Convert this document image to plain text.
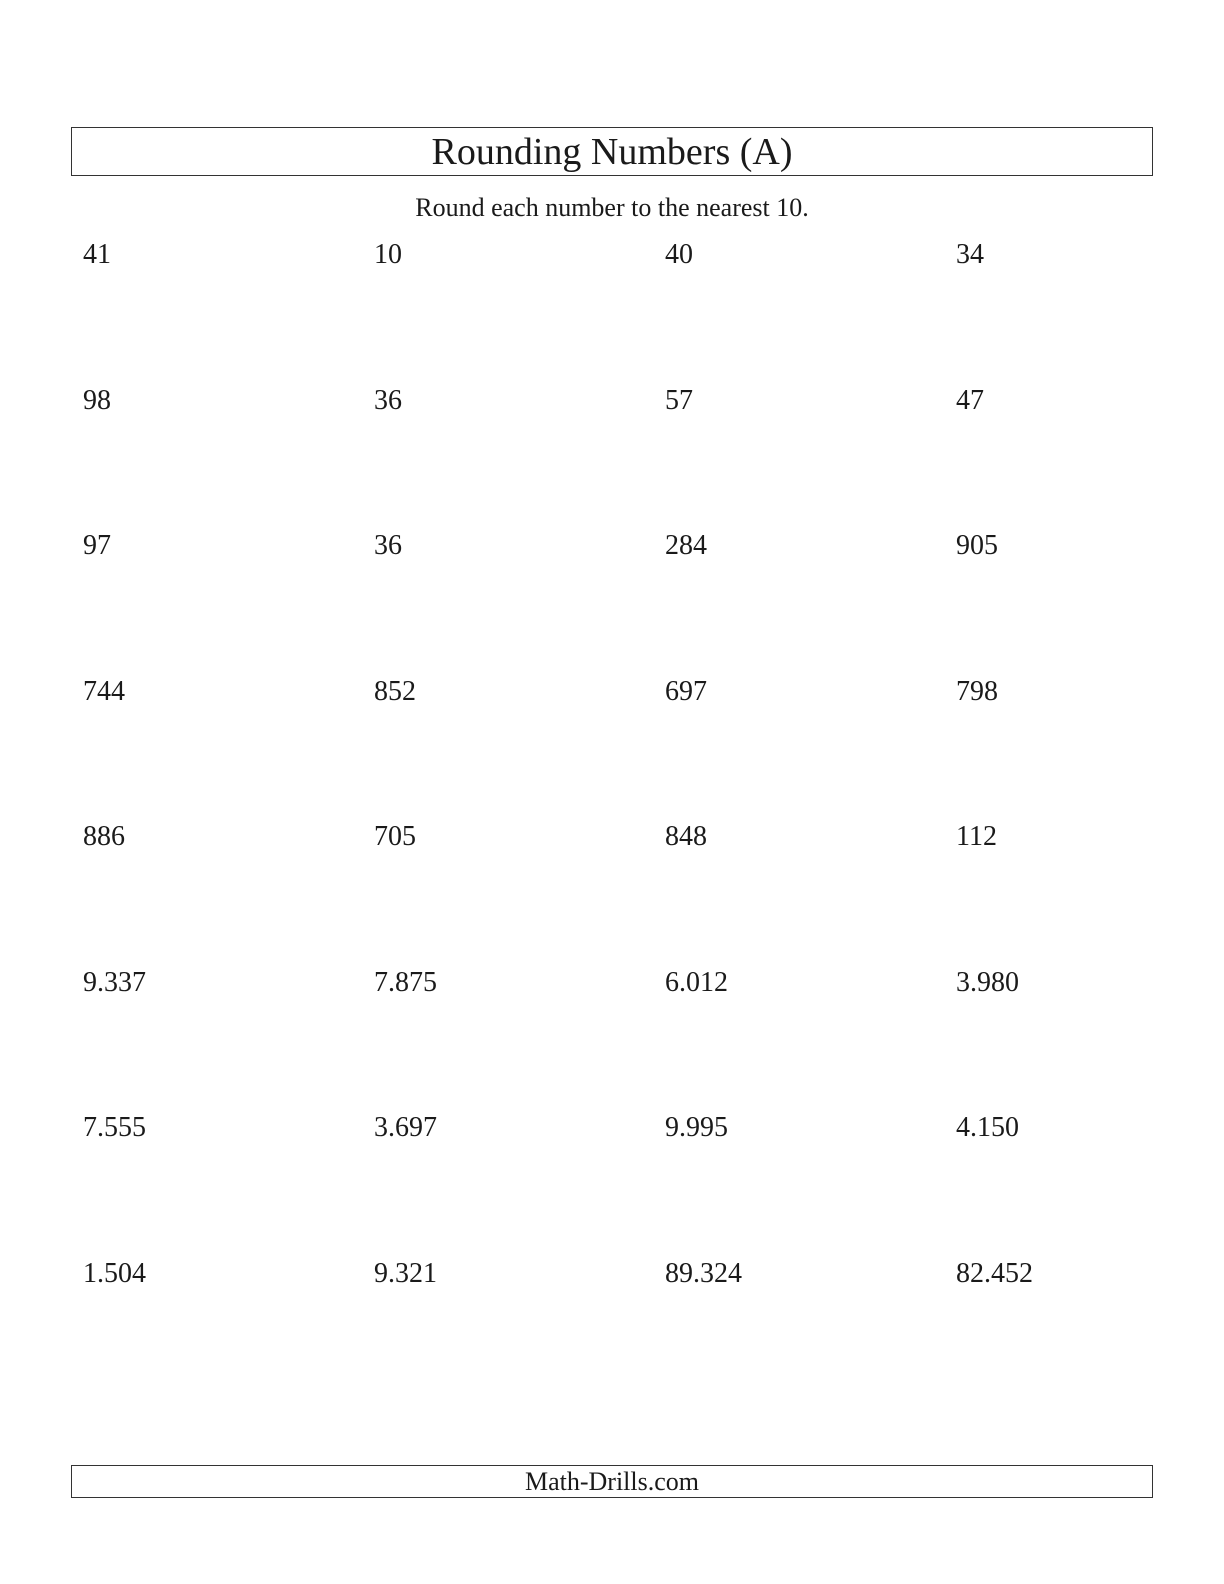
Rounding Numbers (A)
Round each number to the nearest 10.
41	10	40	34
98	36	57	47
97	36	284	905
744	852	697	798
886	705	848	112
9.337	7.875	6.012	3.980
7.555	3.697	9.995	4.150
1.504	9.321	89.324	82.452
Math-Drills.com
